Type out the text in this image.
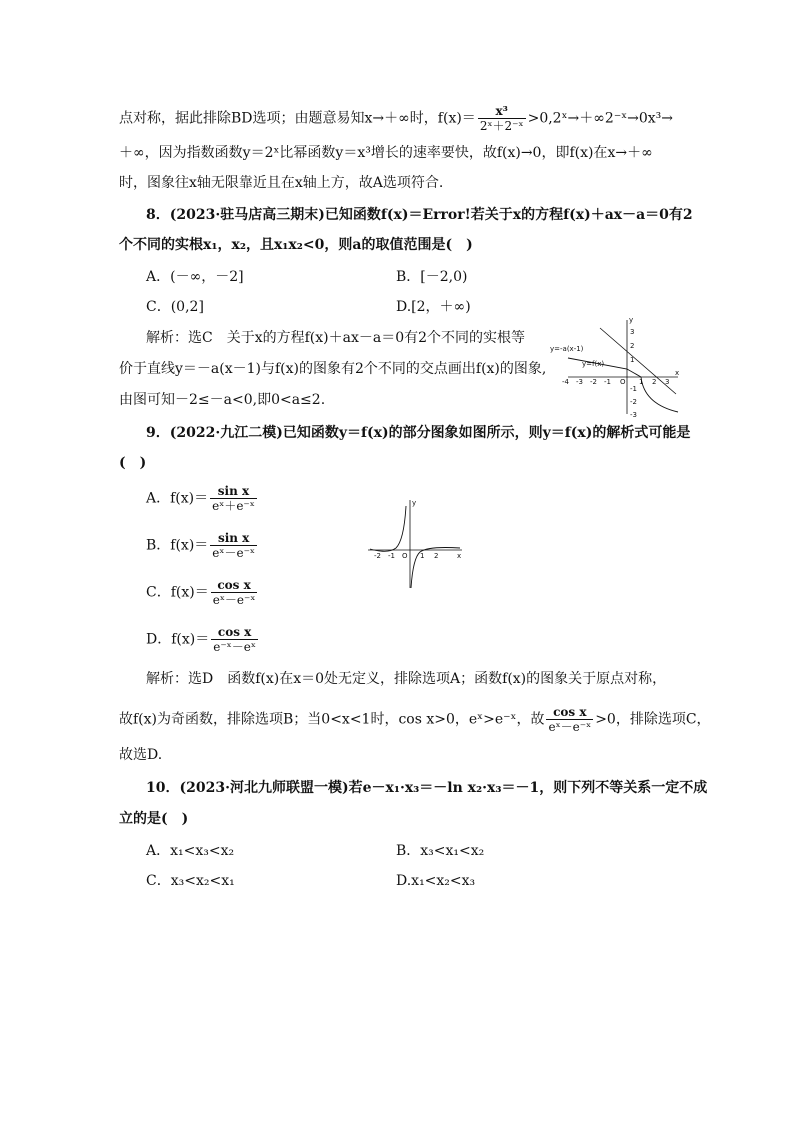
点对称，据此排除BD选项；由题意易知x→＋∞时，$f(x)= \frac{\text{x³}}{\text{2ˣ＋2⁻ˣ}}$ >0,2ˣ→＋∞2⁻ˣ→0x³→
＋∞，因为指数函数y＝2ˣ比幂函数y＝x³增长的速率要快，故f(x)→0，即f(x)在x→＋∞
时，图象往x轴无限靠近且在x轴上方，故A选项符合.
8．(2023·驻马店高三期末)已知函数f(x)＝Error!若关于x的方程f(x)＋ax－a＝0有2
个不同的实根x₁，x₂，且x₁x₂<0，则a的取值范围是(　)
A．(－∞，－2]	B．[－2,0)
C．(0,2]	D.[2，＋∞)
解析：选C　关于x的方程f(x)＋ax－a＝0有2个不同的实根等
价于直线y＝－a(x－1)与f(x)的图象有2个不同的交点画出f(x)的图象,
由图可知－2≤－a<0,即0<a≤2.
x
y
O
-4 -3 -2 -1	1 2 3
3
2
1
-1
-2
-3
y=-a(x-1)
y=f(x)
9．(2022·九江二模)已知函数y＝f(x)的部分图象如图所示，则y＝f(x)的解析式可能是
(　)
A．$f(x)= \frac{\text{sin x}}{\text{eˣ＋e⁻ˣ}}$
B．$f(x)= \frac{\text{sin x}}{\text{eˣ－e⁻ˣ}}$
C．$f(x)= \frac{\text{cos x}}{\text{eˣ－e⁻ˣ}}$
D．$f(x)= \frac{\text{cos x}}{\text{e⁻ˣ－eˣ}}$
y
x
O
-2 -1	1 2
解析：选D　函数f(x)在x＝0处无定义，排除选项A；函数f(x)的图象关于原点对称，
故f(x)为奇函数，排除选项B；当0<x<1时，cos x>0，eˣ>e⁻ˣ，故 $\frac{\text{cos x}}{\text{eˣ－e⁻ˣ}} >0$，排除选项C，
故选D.
10．(2023·河北九师联盟一模)若e－x₁·x₃＝－ln x₂·x₃＝－1，则下列不等关系一定不成
立的是(　)
A．x₁<x₃<x₂	B．x₃<x₁<x₂
C．x₃<x₂<x₁	D.x₁<x₂<x₃
